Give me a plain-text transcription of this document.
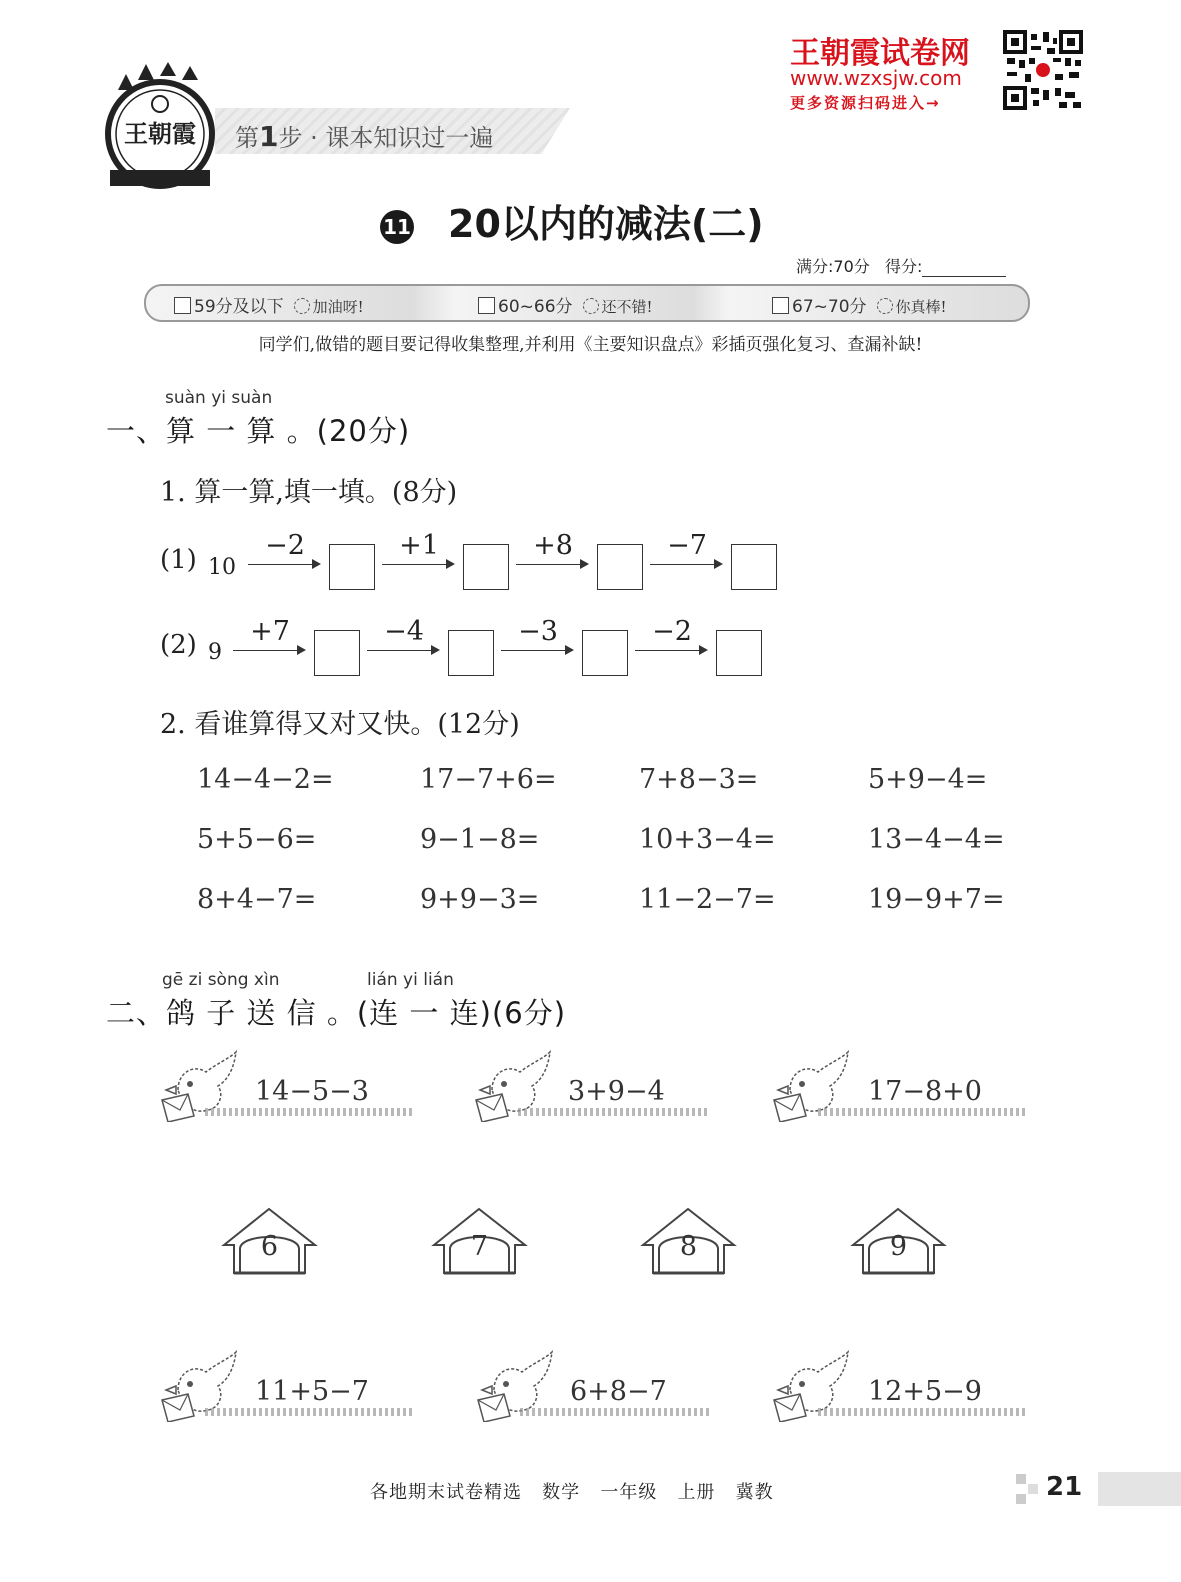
王朝霞	第1步 · 课本知识过一遍
王朝霞试卷网
www.wzxsjw.com
更多资源扫码进入→
11 20以内的减法(二)
满分:70分 得分:
59分及以下 加油呀!	60~66分 还不错!	67~70分 你真棒!
同学们,做错的题目要记得收集整理,并利用《主要知识盘点》彩插页强化复习、查漏补缺!
suàn yi suàn
一、算 一 算 。(20分)
1. 算一算,填一填。(8分)
(1) 10
−2	+1	+8	−7
(2) 9
+7	−4	−3	−2
2. 看谁算得又对又快。(12分)
14−4−2=	17−7+6=	7+8−3=	5+9−4=
5+5−6=	9−1−8=	10+3−4=	13−4−4=
8+4−7=	9+9−3=	11−2−7=	19−9+7=
gē zi sòng xìn	lián yi lián
二、鸽 子 送 信 。(连 一 连)(6分)
14−5−3	3+9−4	17−8+0
6	7	8	9
11+5−7	6+8−7	12+5−9
各地期末试卷精选   数学   一年级   上册   冀教	21
